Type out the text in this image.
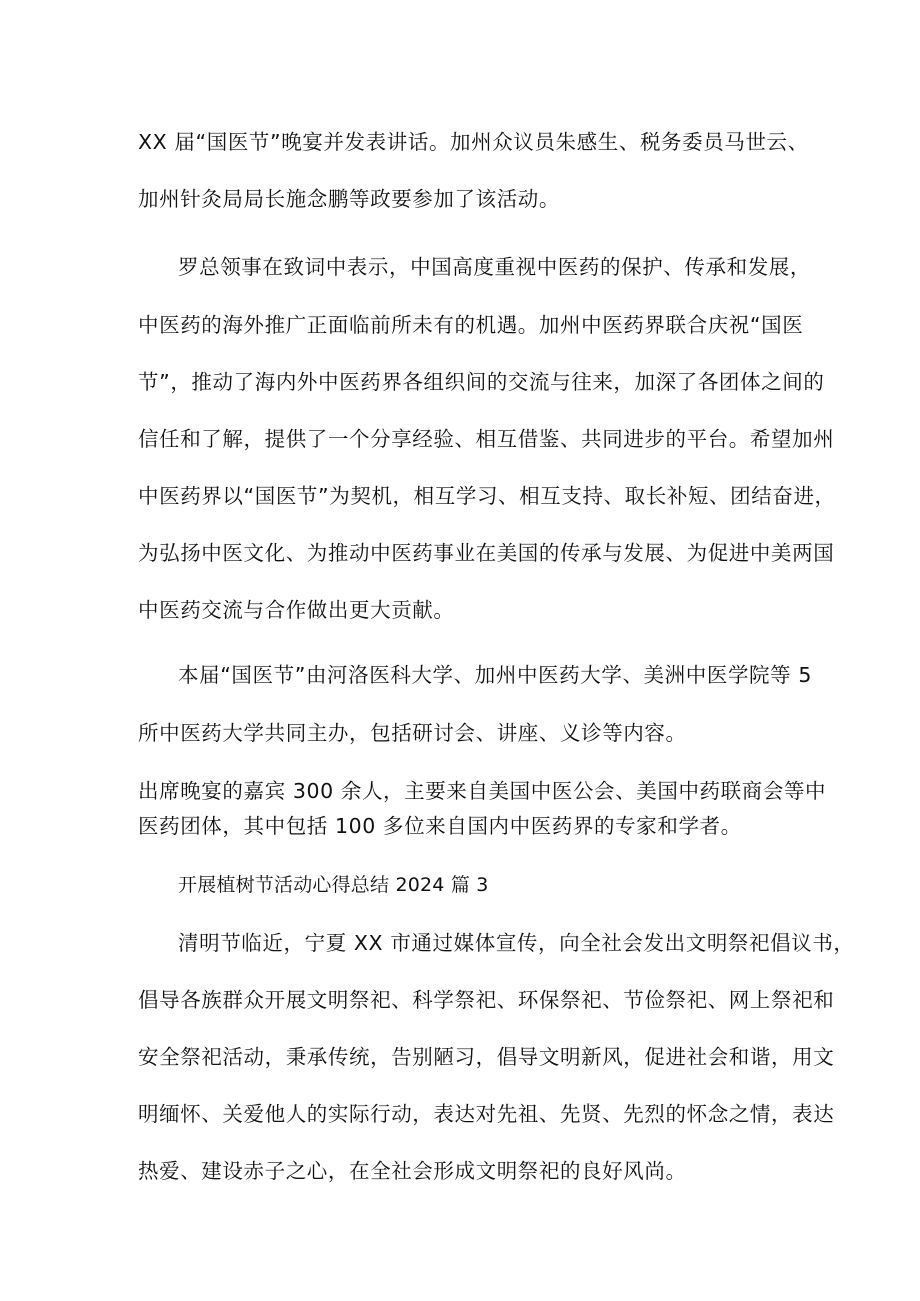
XX 届“国医节”晚宴并发表讲话。加州众议员朱感生、税务委员马世云、
加州针灸局局长施念鹏等政要参加了该活动。
罗总领事在致词中表示，中国高度重视中医药的保护、传承和发展，
中医药的海外推广正面临前所未有的机遇。加州中医药界联合庆祝“国医
节”，推动了海内外中医药界各组织间的交流与往来，加深了各团体之间的
信任和了解，提供了一个分享经验、相互借鉴、共同进步的平台。希望加州
中医药界以“国医节”为契机，相互学习、相互支持、取长补短、团结奋进，
为弘扬中医文化、为推动中医药事业在美国的传承与发展、为促进中美两国
中医药交流与合作做出更大贡献。
本届“国医节”由河洛医科大学、加州中医药大学、美洲中医学院等 5
所中医药大学共同主办，包括研讨会、讲座、义诊等内容。
出席晚宴的嘉宾 300 余人，主要来自美国中医公会、美国中药联商会等中
医药团体，其中包括 100 多位来自国内中医药界的专家和学者。
开展植树节活动心得总结 2024 篇 3
清明节临近，宁夏 XX 市通过媒体宣传，向全社会发出文明祭祀倡议书，
倡导各族群众开展文明祭祀、科学祭祀、环保祭祀、节俭祭祀、网上祭祀和
安全祭祀活动，秉承传统，告别陋习，倡导文明新风，促进社会和谐，用文
明缅怀、关爱他人的实际行动，表达对先祖、先贤、先烈的怀念之情，表达
热爱、建设赤子之心，在全社会形成文明祭祀的良好风尚。
